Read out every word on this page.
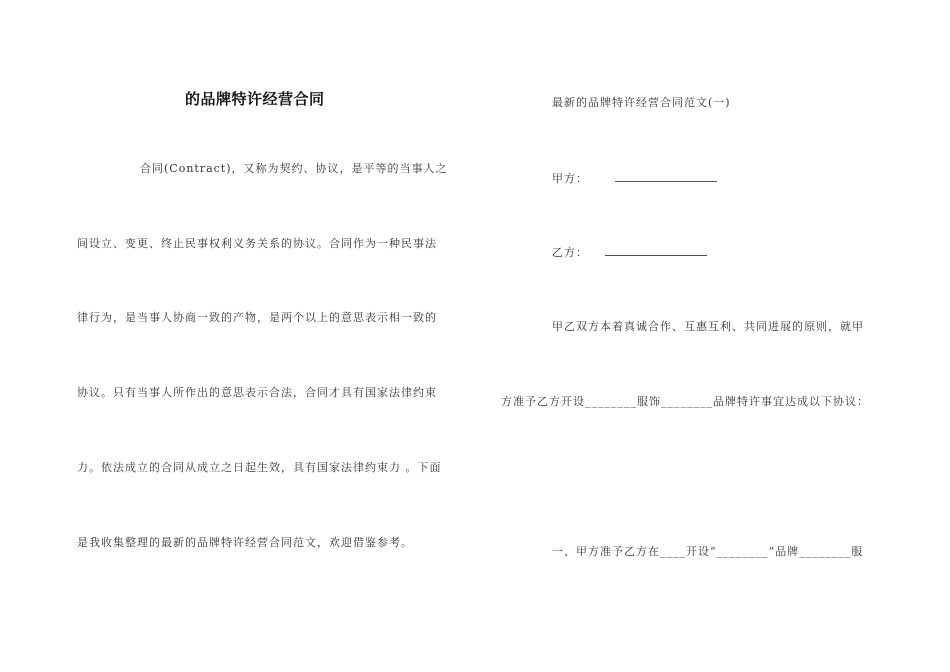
的品牌特许经营合同
合同(Contract)，又称为契约、协议，是平等的当事人之
间设立、变更、终止民事权利义务关系的协议。合同作为一种民事法
律行为，是当事人协商一致的产物，是两个以上的意思表示相一致的
协议。只有当事人所作出的意思表示合法，合同才具有国家法律约束
力。依法成立的合同从成立之日起生效，具有国家法律约束力 。下面
是我收集整理的最新的品牌特许经营合同范文，欢迎借鉴参考。
最新的品牌特许经营合同范文(一)
甲方：
乙方：
甲乙双方本着真诚合作、互惠互利、共同进展的原则，就甲
方准予乙方开设________服饰________品牌特许事宜达成以下协议：
一、甲方准予乙方在____开设“________”品牌________服
